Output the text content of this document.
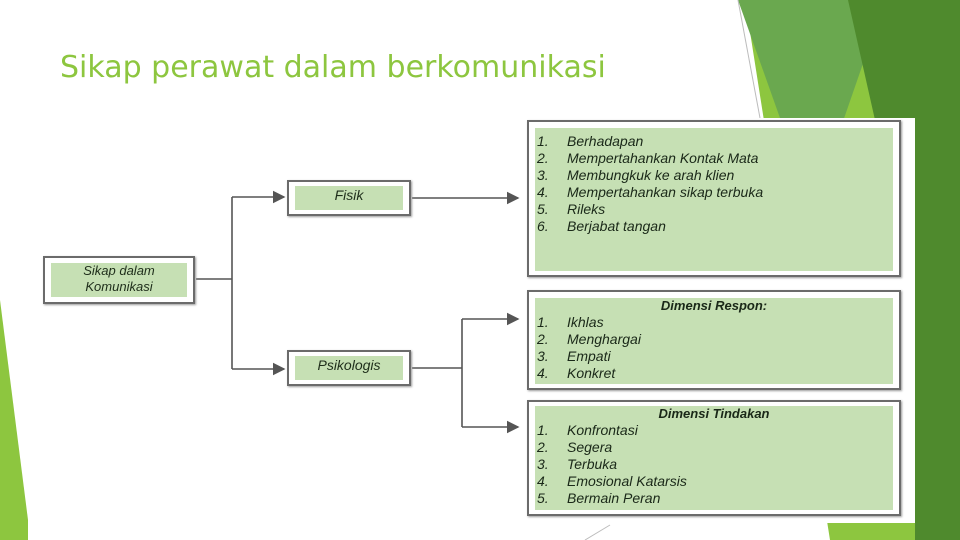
Sikap perawat dalam berkomunikasi
Sikap dalam Komunikasi
Fisik
Psikologis
1.	Berhadapan
2.	Mempertahankan Kontak Mata
3.	Membungkuk ke arah klien
4.	Mempertahankan sikap terbuka
5.	Rileks
6.	Berjabat tangan
Dimensi Respon:
1.	Ikhlas
2.	Menghargai
3.	Empati
4.	Konkret
Dimensi Tindakan
1.	Konfrontasi
2.	Segera
3.	Terbuka
4.	Emosional Katarsis
5.	Bermain Peran
